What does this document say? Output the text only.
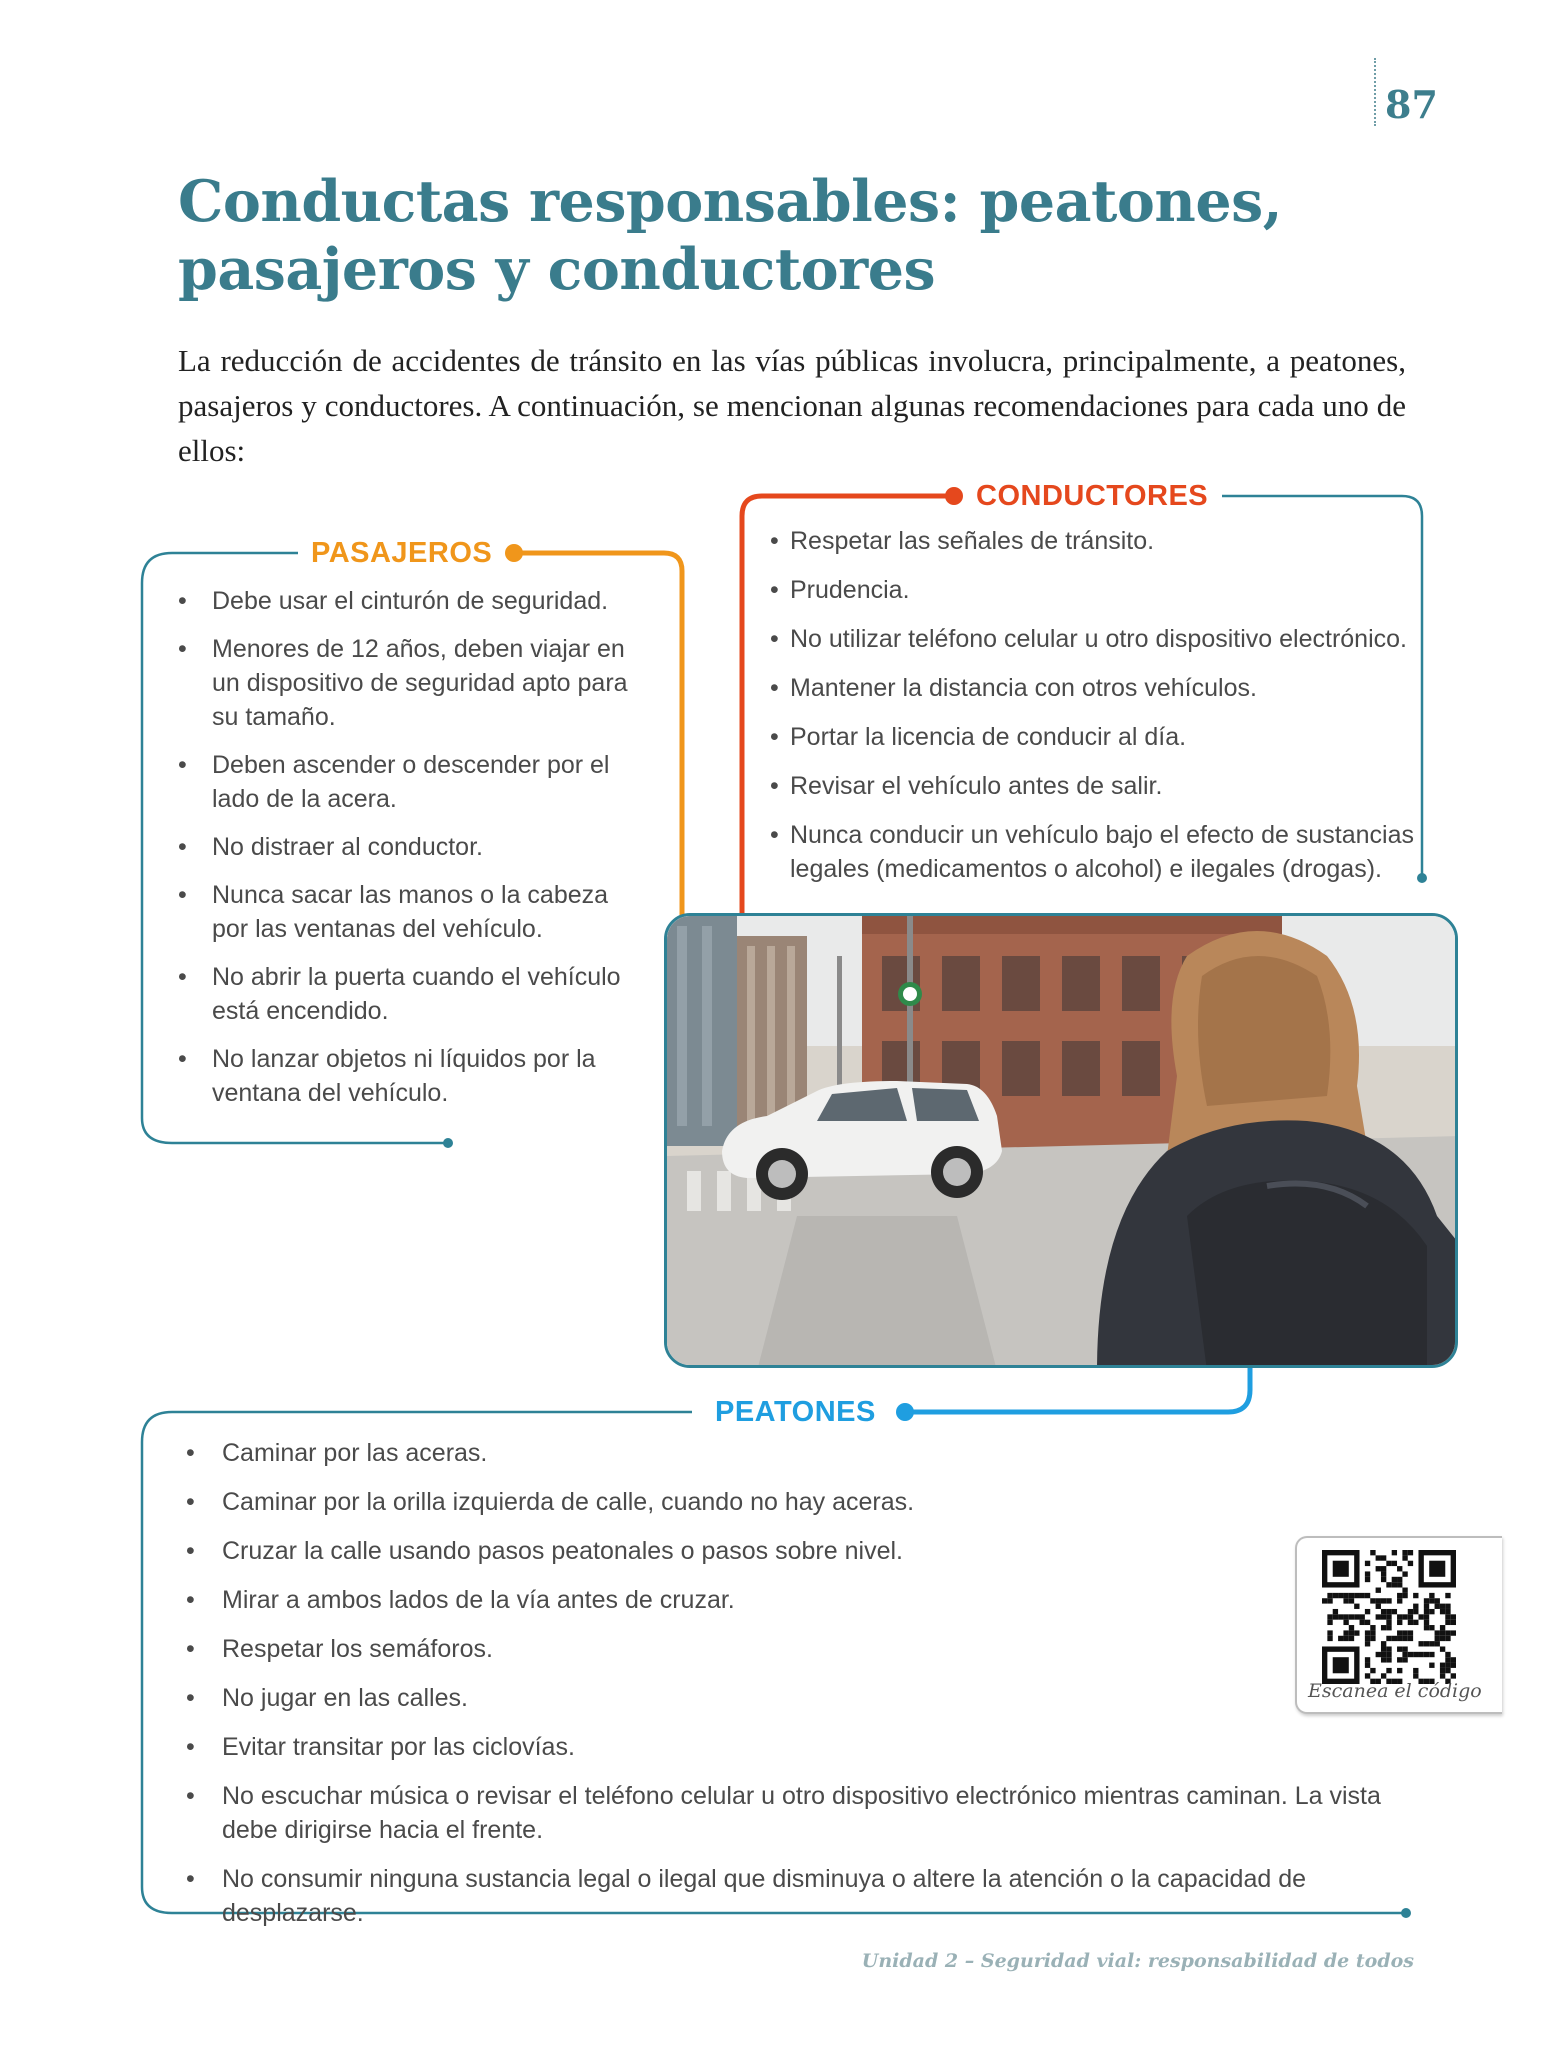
87
Conductas responsables: peatones, pasajeros y conductores

La reducción de accidentes de tránsito en las vías públicas involucra, principalmente, a peatones, pasajeros y conductores. A continuación, se mencionan algunas recomendaciones para cada uno de ellos:

PASAJEROS
CONDUCTORES
PEATONES
• Debe usar el cinturón de seguridad.
• Menores de 12 años, deben viajar en un dispositivo de seguridad apto para su tamaño.
• Deben ascender o descender por el lado de la acera.
• No distraer al conductor.
• Nunca sacar las manos o la cabeza por las ventanas del vehículo.
• No abrir la puerta cuando el vehículo está encendido.
• No lanzar objetos ni líquidos por la ventana del vehículo.
• Respetar las señales de tránsito.
• Prudencia.
• No utilizar teléfono celular u otro dispositivo electrónico.
• Mantener la distancia con otros vehículos.
• Portar la licencia de conducir al día.
• Revisar el vehículo antes de salir.
• Nunca conducir un vehículo bajo el efecto de sustancias legales (medicamentos o alcohol) e ilegales (drogas).
• Caminar por las aceras.
• Caminar por la orilla izquierda de calle, cuando no hay aceras.
• Cruzar la calle usando pasos peatonales o pasos sobre nivel.
• Mirar a ambos lados de la vía antes de cruzar.
• Respetar los semáforos.
• No jugar en las calles.
• Evitar transitar por las ciclovías.
• No escuchar música o revisar el teléfono celular u otro dispositivo electrónico mientras caminan. La vista debe dirigirse hacia el frente.
• No consumir ninguna sustancia legal o ilegal que disminuya o altere la atención o la capacidad de desplazarse.
Escanea el código
Unidad 2 – Seguridad vial: responsabilidad de todos
